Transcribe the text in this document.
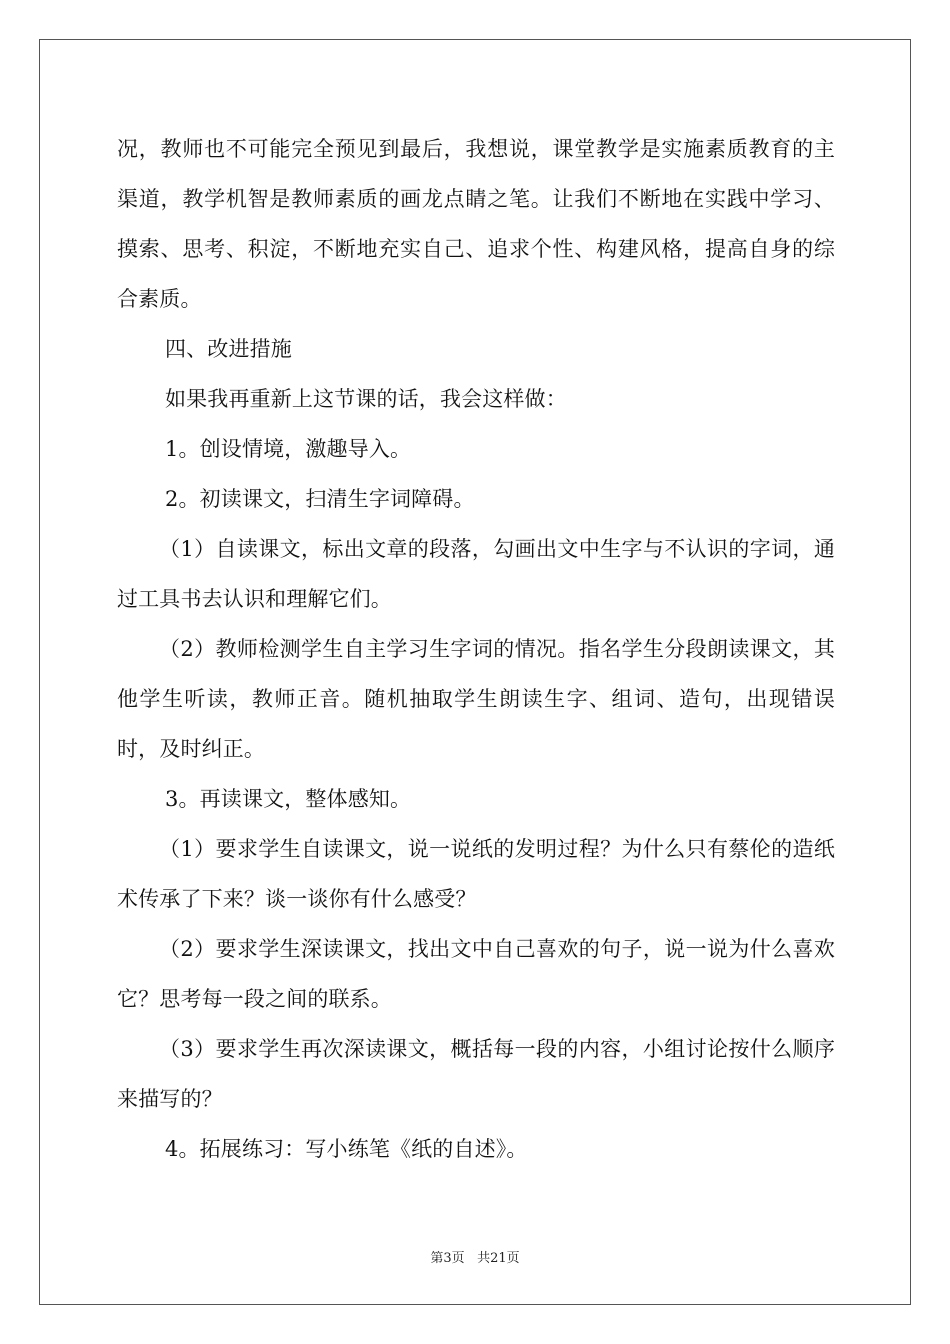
况，教师也不可能完全预见到最后，我想说，课堂教学是实施素质教育的主渠道，教学机智是教师素质的画龙点睛之笔。让我们不断地在实践中学习、摸索、思考、积淀，不断地充实自己、追求个性、构建风格，提高自身的综合素质。

四、改进措施

如果我再重新上这节课的话，我会这样做：

1。创设情境，激趣导入。

2。初读课文，扫清生字词障碍。

（1）自读课文，标出文章的段落，勾画出文中生字与不认识的字词，通过工具书去认识和理解它们。

（2）教师检测学生自主学习生字词的情况。指名学生分段朗读课文，其他学生听读，教师正音。随机抽取学生朗读生字、组词、造句，出现错误时，及时纠正。

3。再读课文，整体感知。

（1）要求学生自读课文，说一说纸的发明过程？为什么只有蔡伦的造纸术传承了下来？谈一谈你有什么感受？

（2）要求学生深读课文，找出文中自己喜欢的句子，说一说为什么喜欢它？思考每一段之间的联系。

（3）要求学生再次深读课文，概括每一段的内容，小组讨论按什么顺序来描写的？

4。拓展练习：写小练笔《纸的自述》。

第3页 共21页
